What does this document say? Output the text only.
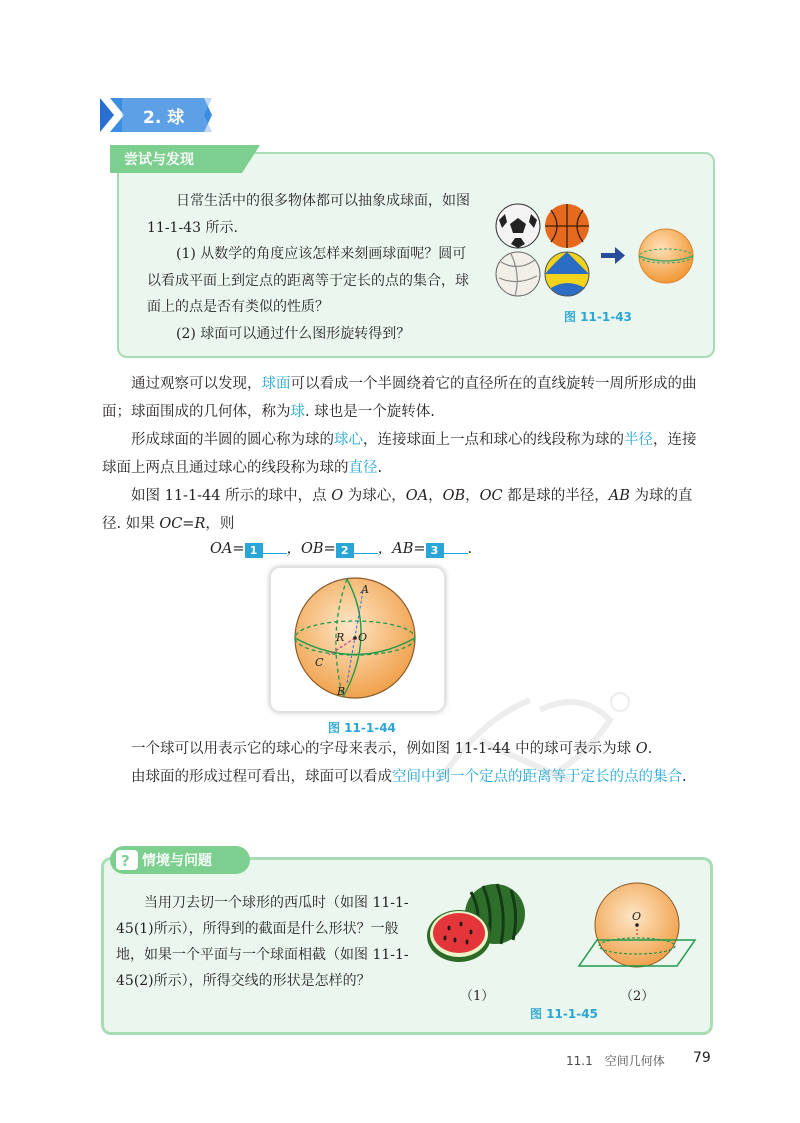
2. 球
尝试与发现

日常生活中的很多物体都可以抽象成球面，如图 11-1-43 所示.

(1) 从数学的角度应该怎样来刻画球面呢？圆可以看成平面上到定点的距离等于定长的点的集合，球面上的点是否有类似的性质？

(2) 球面可以通过什么图形旋转得到？

图 11-1-43

通过观察可以发现，球面可以看成一个半圆绕着它的直径所在的直线旋转一周所形成的曲面；球面围成的几何体，称为球. 球也是一个旋转体.

形成球面的半圆的圆心称为球的球心，连接球面上一点和球心的线段称为球的半径，连接球面上两点且通过球心的线段称为球的直径.

如图 11-1-44 所示的球中，点 O 为球心，OA，OB，OC 都是球的半径，AB 为球的直径. 如果 OC=R，则

OA= 1 ，OB= 2 ，AB= 3 .
A
B
C
O
R
图 11-1-44

一个球可以用表示它的球心的字母来表示，例如图 11-1-44 中的球可表示为球 O.

由球面的形成过程可看出，球面可以看成空间中到一个定点的距离等于定长的点的集合.

? 情境与问题
当用刀去切一个球形的西瓜时（如图 11-1-45(1)所示），所得到的截面是什么形状？一般地，如果一个平面与一个球面相截（如图 11-1-45(2)所示），所得交线的形状是怎样的？
（1）
O
（2）
图 11-1-45
11.1　空间几何体 79
